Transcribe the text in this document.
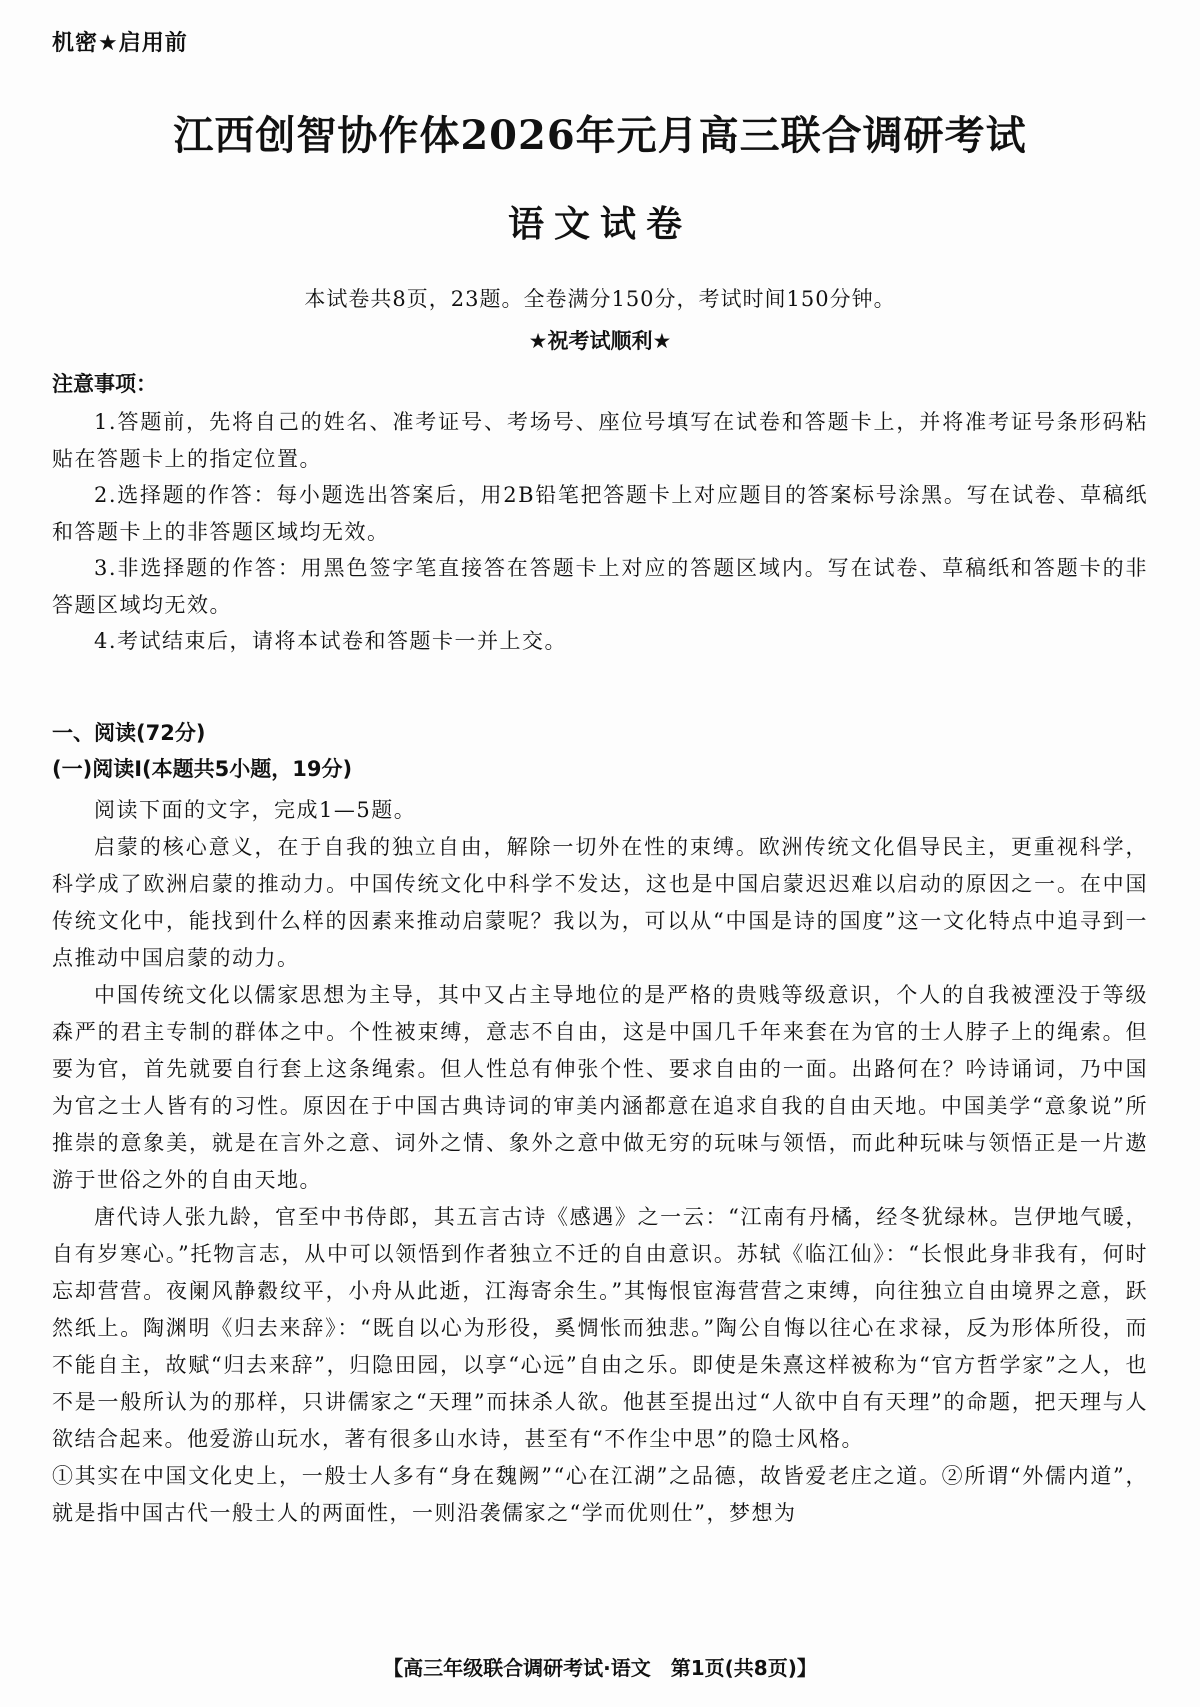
机密★启用前
江西创智协作体2026年元月高三联合调研考试
语文试卷
本试卷共8页，23题。全卷满分150分，考试时间150分钟。
★祝考试顺利★
注意事项：

1.答题前，先将自己的姓名、准考证号、考场号、座位号填写在试卷和答题卡上，并将准考证号条形码粘贴在答题卡上的指定位置。

2.选择题的作答：每小题选出答案后，用2B铅笔把答题卡上对应题目的答案标号涂黑。写在试卷、草稿纸和答题卡上的非答题区域均无效。

3.非选择题的作答：用黑色签字笔直接答在答题卡上对应的答题区域内。写在试卷、草稿纸和答题卡的非答题区域均无效。

4.考试结束后，请将本试卷和答题卡一并上交。

一、阅读(72分)
(一)阅读Ⅰ(本题共5小题，19分)

阅读下面的文字，完成1—5题。

启蒙的核心意义，在于自我的独立自由，解除一切外在性的束缚。欧洲传统文化倡导民主，更重视科学，科学成了欧洲启蒙的推动力。中国传统文化中科学不发达，这也是中国启蒙迟迟难以启动的原因之一。在中国传统文化中，能找到什么样的因素来推动启蒙呢？我以为，可以从“中国是诗的国度”这一文化特点中追寻到一点推动中国启蒙的动力。

中国传统文化以儒家思想为主导，其中又占主导地位的是严格的贵贱等级意识，个人的自我被湮没于等级森严的君主专制的群体之中。个性被束缚，意志不自由，这是中国几千年来套在为官的士人脖子上的绳索。但要为官，首先就要自行套上这条绳索。但人性总有伸张个性、要求自由的一面。出路何在？吟诗诵词，乃中国为官之士人皆有的习性。原因在于中国古典诗词的审美内涵都意在追求自我的自由天地。中国美学“意象说”所推崇的意象美，就是在言外之意、词外之情、象外之意中做无穷的玩味与领悟，而此种玩味与领悟正是一片遨游于世俗之外的自由天地。

唐代诗人张九龄，官至中书侍郎，其五言古诗《感遇》之一云：“江南有丹橘，经冬犹绿林。岂伊地气暖，自有岁寒心。”托物言志，从中可以领悟到作者独立不迁的自由意识。苏轼《临江仙》：“长恨此身非我有，何时忘却营营。夜阑风静縠纹平，小舟从此逝，江海寄余生。”其悔恨宦海营营之束缚，向往独立自由境界之意，跃然纸上。陶渊明《归去来辞》：“既自以心为形役，奚惆怅而独悲。”陶公自悔以往心在求禄，反为形体所役，而不能自主，故赋“归去来辞”，归隐田园，以享“心远”自由之乐。即使是朱熹这样被称为“官方哲学家”之人，也不是一般所认为的那样，只讲儒家之“天理”而抹杀人欲。他甚至提出过“人欲中自有天理”的命题，把天理与人欲结合起来。他爱游山玩水，著有很多山水诗，甚至有“不作尘中思”的隐士风格。

①其实在中国文化史上，一般士人多有“身在魏阙”“心在江湖”之品德，故皆爱老庄之道。②所谓“外儒内道”，就是指中国古代一般士人的两面性，一则沿袭儒家之“学而优则仕”，梦想为

【高三年级联合调研考试·语文　第1页(共8页)】
